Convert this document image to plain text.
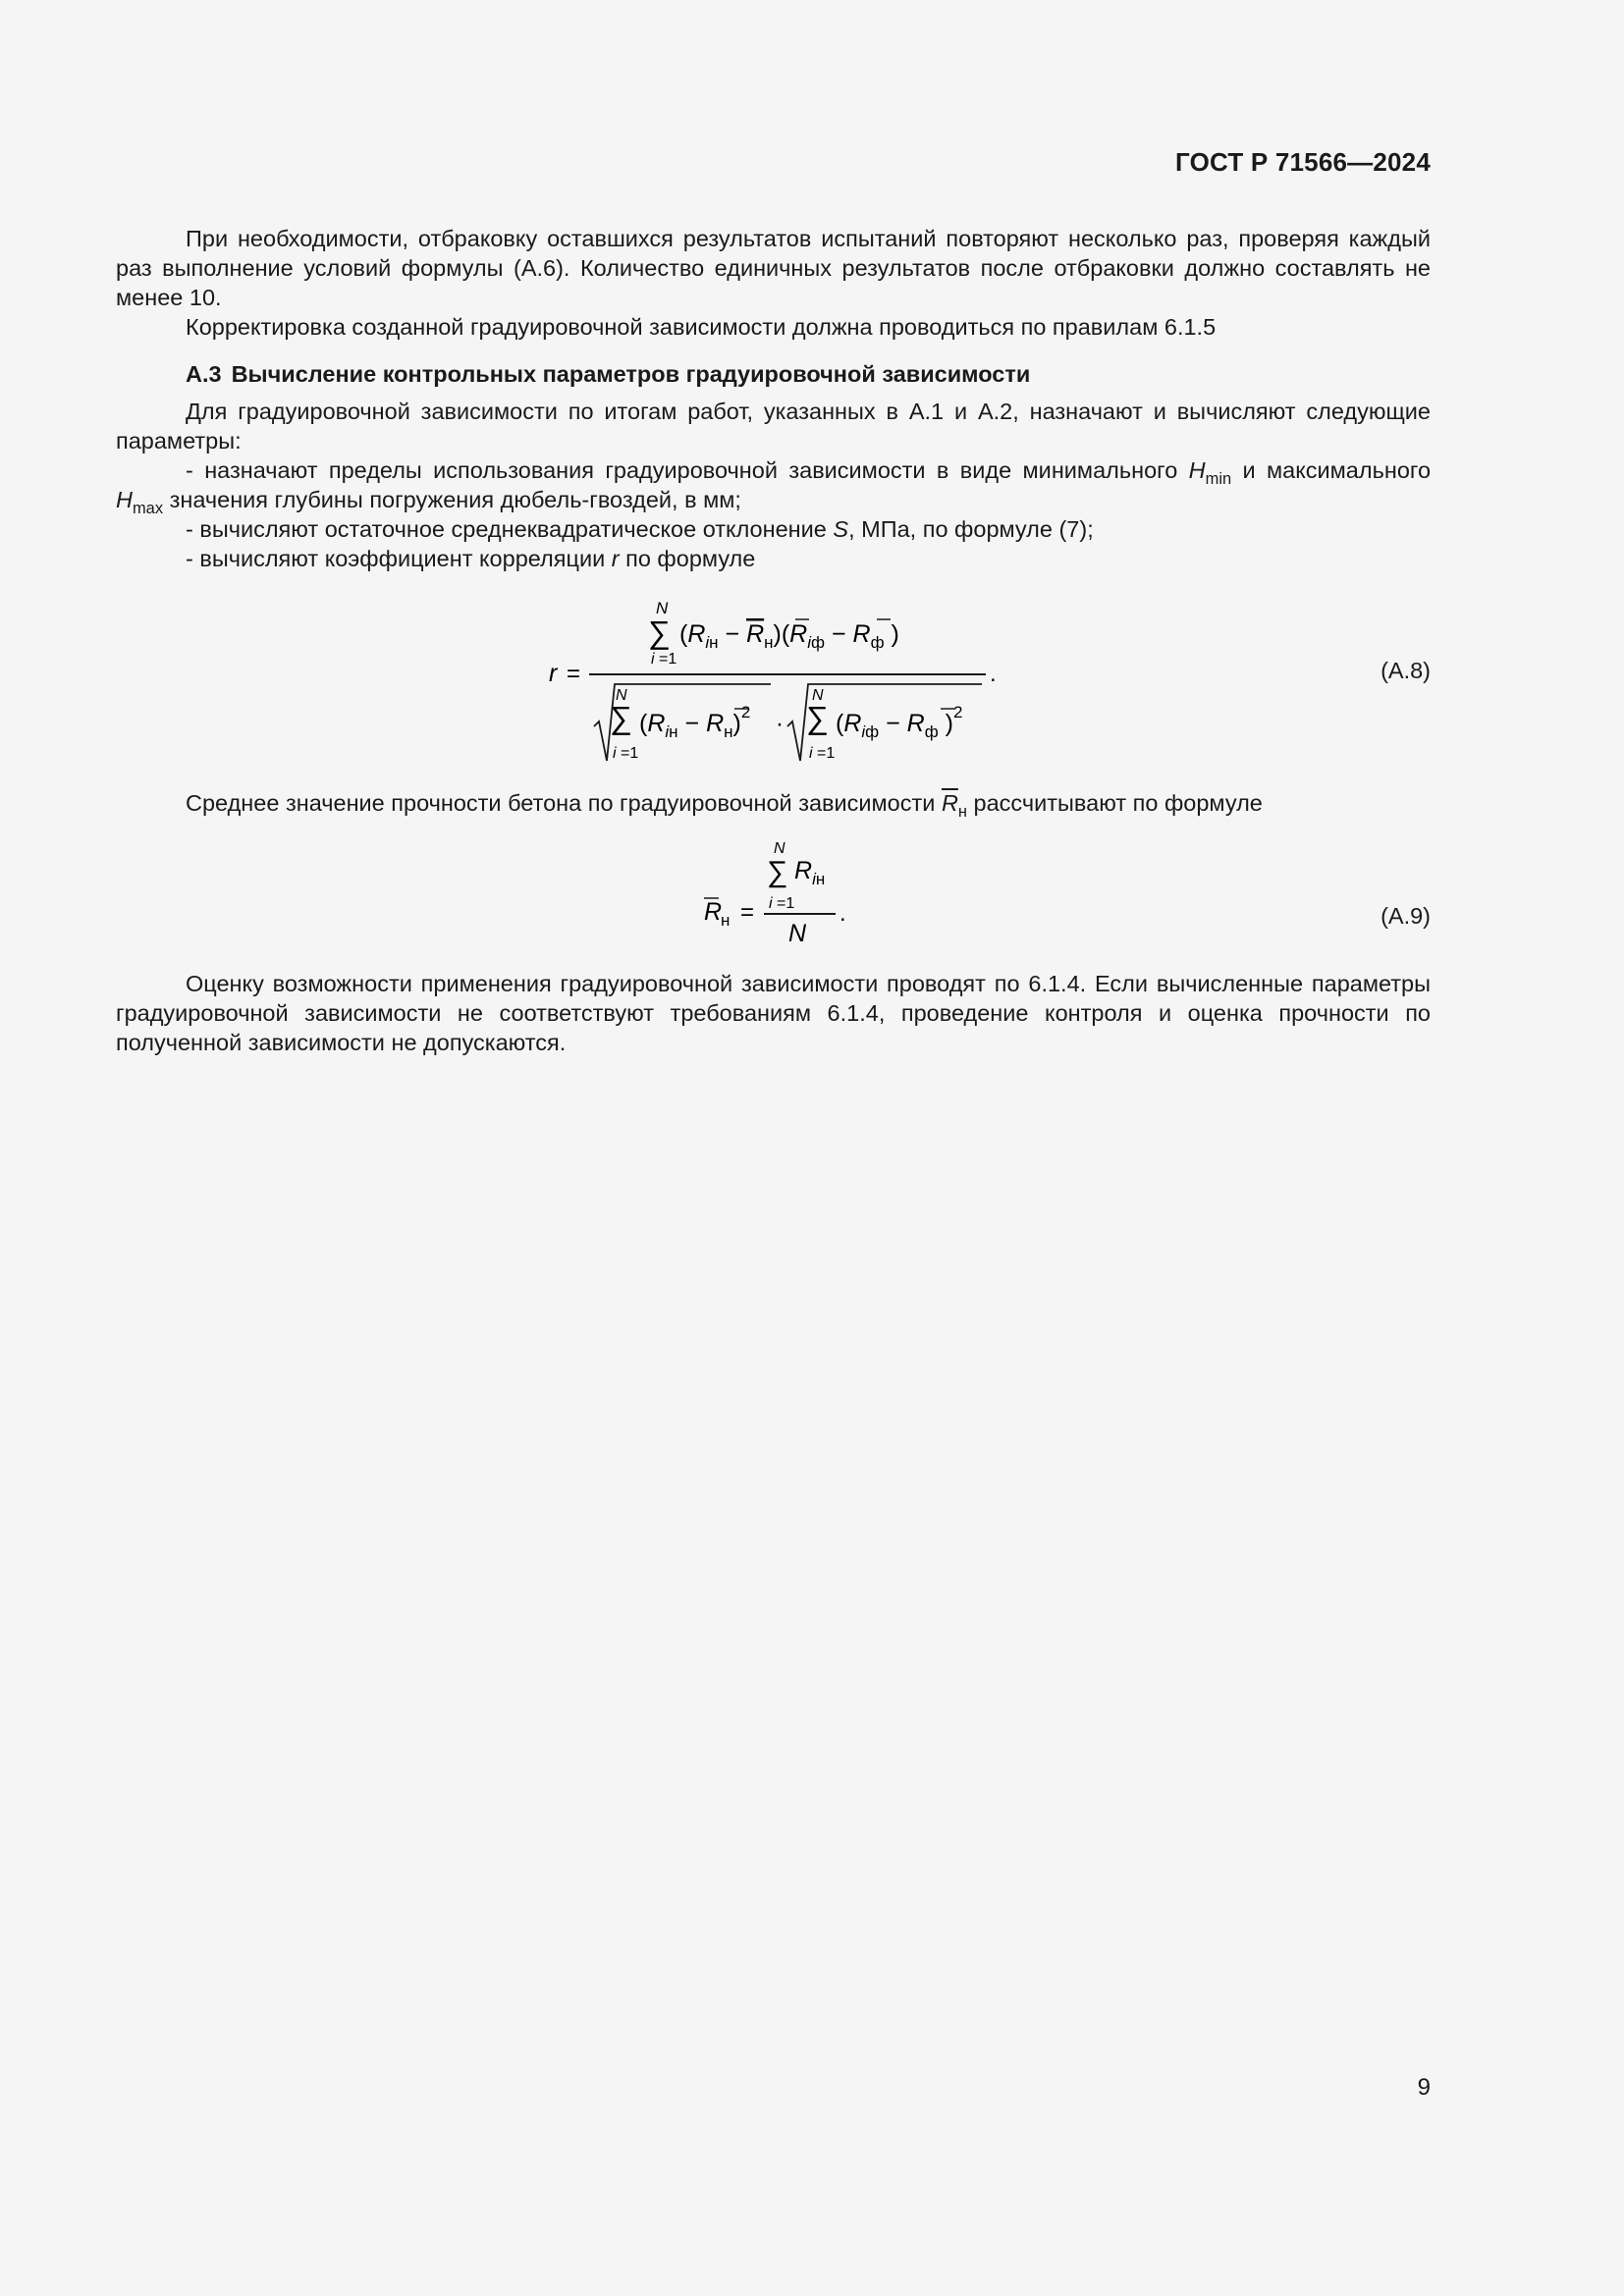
ГОСТ Р 71566—2024

При необходимости, отбраковку оставшихся результатов испытаний повторяют несколько раз, проверяя каждый раз выполнение условий формулы (А.6). Количество единичных результатов после отбраковки должно составлять не менее 10.

Корректировка созданной градуировочной зависимости должна проводиться по правилам 6.1.5

А.3 Вычисление контрольных параметров градуировочной зависимости

Для градуировочной зависимости по итогам работ, указанных в А.1 и А.2, назначают и вычисляют следующие параметры:

- назначают пределы использования градуировочной зависимости в виде минимального $H_{min}$ и максимального $H_{max}$ значения глубины погружения дюбель-гвоздей, в мм;

- вычисляют остаточное среднеквадратическое отклонение S, МПа, по формуле (7);

- вычисляют коэффициент корреляции r по формуле

r =	.
N
∑
i =1
$(R_{iн} - R_н)(R_{iф} - R_ф$ )
N
∑
i =1
$(R_{iн} - R_н)^2$ ·
N
∑
i =1
($R_{iф} - R_ф$ )$^2$
(А.8)

Среднее значение прочности бетона по градуировочной зависимости $\overline{R}_н$ рассчитывают по формуле

R
н =	.
N
∑
i =1
$R_iн$
N
(А.9)

Оценку возможности применения градуировочной зависимости проводят по 6.1.4. Если вычисленные параметры градуировочной зависимости не соответствуют требованиям 6.1.4, проведение контроля и оценка прочности по полученной зависимости не допускаются.

9
